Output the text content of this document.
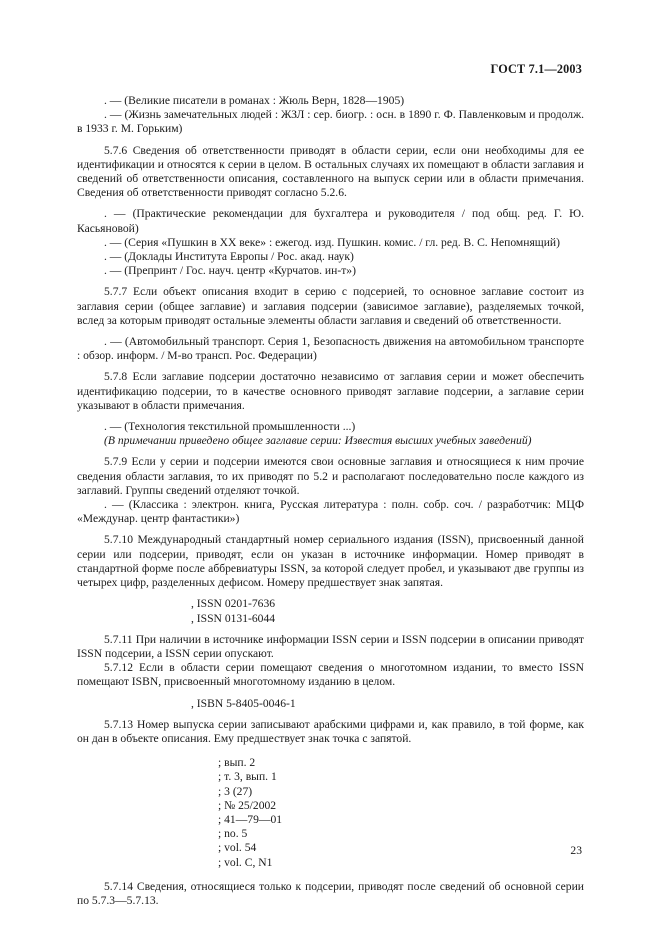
ГОСТ 7.1—2003

. — (Великие писатели в романах : Жюль Верн, 1828—1905)

. — (Жизнь замечательных людей : ЖЗЛ : сер. биогр. : осн. в 1890 г. Ф. Павленковым и продолж. в 1933 г. М. Горьким)

5.7.6 Сведения об ответственности приводят в области серии, если они необходимы для ее идентификации и относятся к серии в целом. В остальных случаях их помещают в области заглавия и сведений об ответственности описания, составленного на выпуск серии или в области примечания. Сведения об ответственности приводят согласно 5.2.6.

. — (Практические рекомендации для бухгалтера и руководителя / под общ. ред. Г. Ю. Касьяновой)

. — (Серия «Пушкин в XX веке» : ежегод. изд. Пушкин. комис. / гл. ред. В. С. Непомнящий)

. — (Доклады Института Европы / Рос. акад. наук)

. — (Препринт / Гос. науч. центр «Курчатов. ин-т»)

5.7.7 Если объект описания входит в серию с подсерией, то основное заглавие состоит из заглавия серии (общее заглавие) и заглавия подсерии (зависимое заглавие), разделяемых точкой, вслед за которым приводят остальные элементы области заглавия и сведений об ответственности.

. — (Автомобильный транспорт. Серия 1, Безопасность движения на автомобильном транспорте : обзор. информ. / М-во трансп. Рос. Федерации)

5.7.8 Если заглавие подсерии достаточно независимо от заглавия серии и может обеспечить идентификацию подсерии, то в качестве основного приводят заглавие подсерии, а заглавие серии указывают в области примечания.

. — (Технология текстильной промышленности ...)

(В примечании приведено общее заглавие серии: Известия высших учебных заведений)

5.7.9 Если у серии и подсерии имеются свои основные заглавия и относящиеся к ним прочие сведения области заглавия, то их приводят по 5.2 и располагают последовательно после каждого из заглавий. Группы сведений отделяют точкой.

. — (Классика : электрон. книга, Русская литература : полн. собр. соч. / разработчик: МЦФ «Междунар. центр фантастики»)

5.7.10 Международный стандартный номер сериального издания (ISSN), присвоенный данной серии или подсерии, приводят, если он указан в источнике информации. Номер приводят в стандартной форме после аббревиатуры ISSN, за которой следует пробел, и указывают две группы из четырех цифр, разделенных дефисом. Номеру предшествует знак запятая.

, ISSN 0201-7636

, ISSN 0131-6044

5.7.11 При наличии в источнике информации ISSN серии и ISSN подсерии в описании приводят ISSN подсерии, а ISSN серии опускают.

5.7.12 Если в области серии помещают сведения о многотомном издании, то вместо ISSN помещают ISBN, присвоенный многотомному изданию в целом.

, ISBN 5-8405-0046-1

5.7.13 Номер выпуска серии записывают арабскими цифрами и, как правило, в той форме, как он дан в объекте описания. Ему предшествует знак точка с запятой.

; вып. 2
; т. 3, вып. 1
; 3 (27)
; № 25/2002
; 41—79—01
; no. 5
; vol. 54
; vol. C, N1

5.7.14 Сведения, относящиеся только к подсерии, приводят после сведений об основной серии по 5.7.3—5.7.13.

23
